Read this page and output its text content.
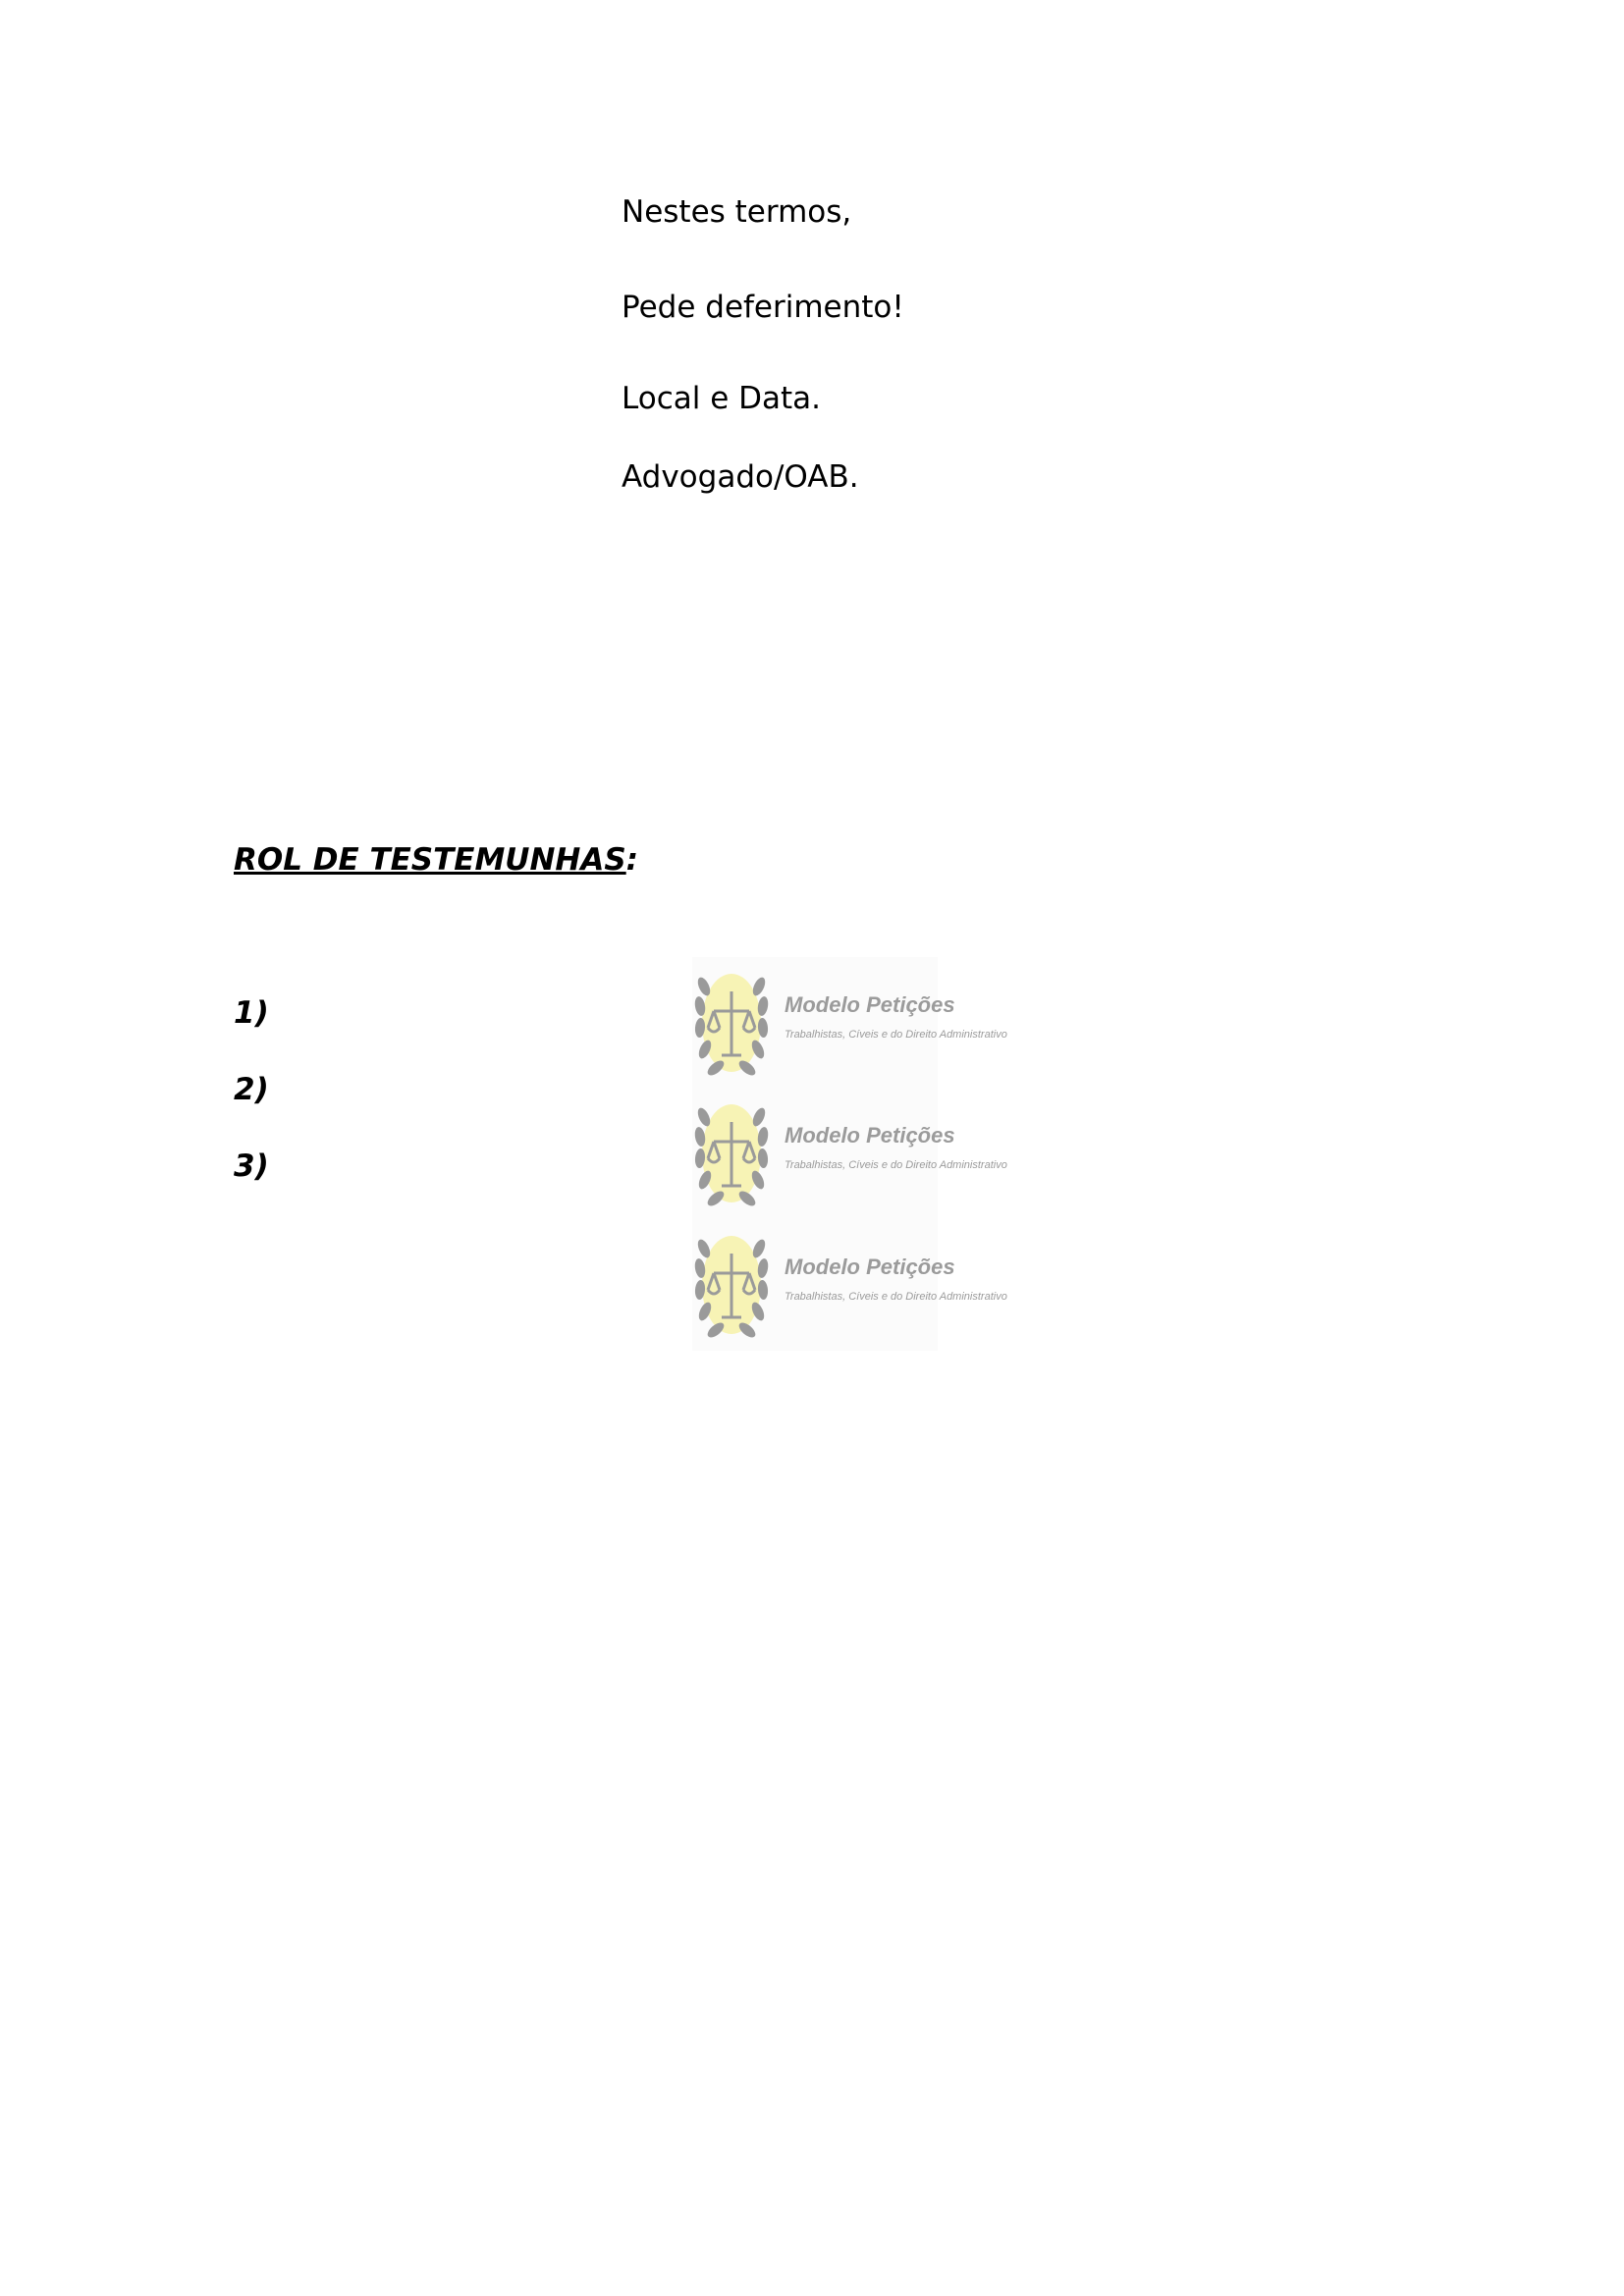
Nestes termos,
Pede deferimento!
Local e Data.
Advogado/OAB.
ROL DE TESTEMUNHAS:
1)
2)
3)
Modelo Petições
Trabalhistas, Cíveis e do Direito Administrativo
Modelo Petições
Trabalhistas, Cíveis e do Direito Administrativo
Modelo Petições
Trabalhistas, Cíveis e do Direito Administrativo
